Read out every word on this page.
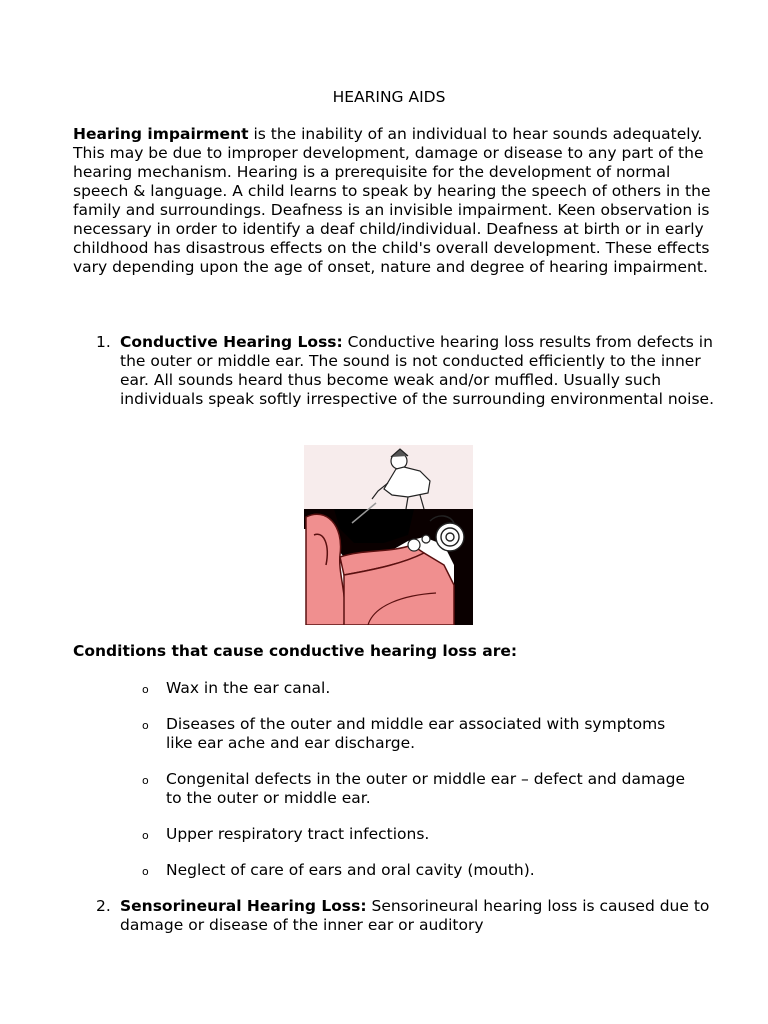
HEARING AIDS
Hearing impairment is the inability of an individual to hear sounds adequately. This may be due to improper development, damage or disease to any part of the hearing mechanism. Hearing is a prerequisite for the development of normal speech & language. A child learns to speak by hearing the speech of others in the family and surroundings. Deafness is an invisible impairment. Keen observation is necessary in order to identify a deaf child/individual. Deafness at birth or in early childhood has disastrous effects on the child's overall development. These effects vary depending upon the age of onset, nature and degree of hearing impairment.
1. Conductive Hearing Loss: Conductive hearing loss results from defects in the outer or middle ear. The sound is not conducted efficiently to the inner ear. All sounds heard thus become weak and/or muffled. Usually such individuals speak softly irrespective of the surrounding environmental noise.
Conditions that cause conductive hearing loss are:
o Wax in the ear canal.
o Diseases of the outer and middle ear associated with symptoms like ear ache and ear discharge.
o Congenital defects in the outer or middle ear – defect and damage to the outer or middle ear.
o Upper respiratory tract infections.
o Neglect of care of ears and oral cavity (mouth).
2. Sensorineural Hearing Loss: Sensorineural hearing loss is caused due to damage or disease of the inner ear or auditory
